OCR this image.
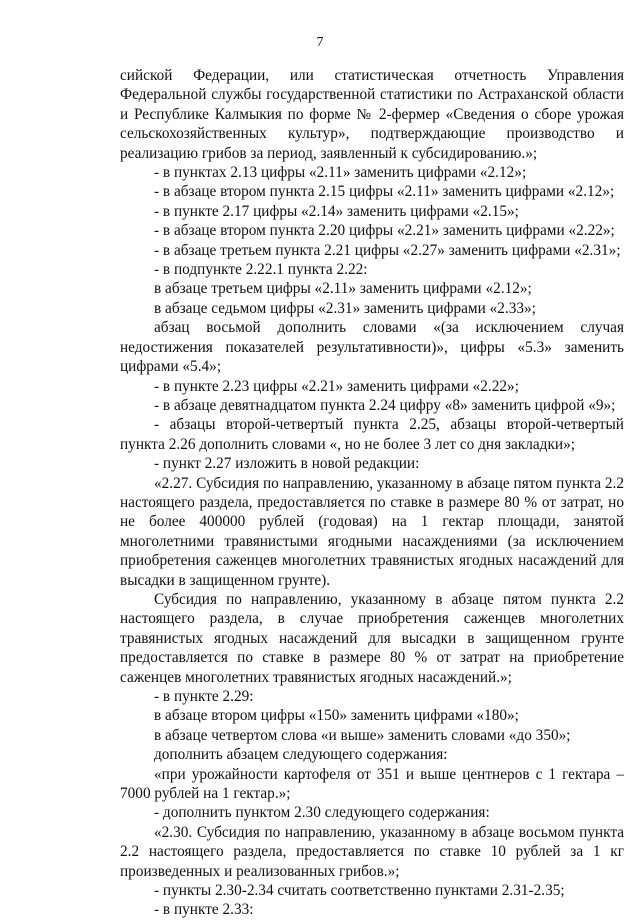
7

сийской Федерации, или статистическая отчетность Управления Федеральной службы государственной статистики по Астраханской области и Республике Калмыкия по форме № 2-фермер «Сведения о сборе урожая сельскохозяйственных культур», подтверждающие производство и реализацию грибов за период, заявленный к субсидированию.»;

- в пунктах 2.13 цифры «2.11» заменить цифрами «2.12»;

- в абзаце втором пункта 2.15 цифры «2.11» заменить цифрами «2.12»;

- в пункте 2.17 цифры «2.14» заменить цифрами «2.15»;

- в абзаце втором пункта 2.20 цифры «2.21» заменить цифрами «2.22»;

- в абзаце третьем пункта 2.21 цифры «2.27» заменить цифрами «2.31»;

- в подпункте 2.22.1 пункта 2.22:

в абзаце третьем цифры «2.11» заменить цифрами «2.12»;

в абзаце седьмом цифры «2.31» заменить цифрами «2.33»;

абзац восьмой дополнить словами «(за исключением случая недостижения показателей результативности)», цифры «5.3» заменить цифрами «5.4»;

- в пункте 2.23 цифры «2.21» заменить цифрами «2.22»;

- в абзаце девятнадцатом пункта 2.24 цифру «8» заменить цифрой «9»;

- абзацы второй-четвертый пункта 2.25, абзацы второй-четвертый пункта 2.26 дополнить словами «, но не более 3 лет со дня закладки»;

- пункт 2.27 изложить в новой редакции:

«2.27. Субсидия по направлению, указанному в абзаце пятом пункта 2.2 настоящего раздела, предоставляется по ставке в размере 80 % от затрат, но не более 400000 рублей (годовая) на 1 гектар площади, занятой многолетними травянистыми ягодными насаждениями (за исключением приобретения саженцев многолетних травянистых ягодных насаждений для высадки в защищенном грунте).

Субсидия по направлению, указанному в абзаце пятом пункта 2.2 настоящего раздела, в случае приобретения саженцев многолетних травянистых ягодных насаждений для высадки в защищенном грунте предоставляется по ставке в размере 80 % от затрат на приобретение саженцев многолетних травянистых ягодных насаждений.»;

- в пункте 2.29:

в абзаце втором цифры «150» заменить цифрами «180»;

в абзаце четвертом слова «и выше» заменить словами «до 350»;

дополнить абзацем следующего содержания:

«при урожайности картофеля от 351 и выше центнеров с 1 гектара – 7000 рублей на 1 гектар.»;

- дополнить пунктом 2.30 следующего содержания:

«2.30. Субсидия по направлению, указанному в абзаце восьмом пункта 2.2 настоящего раздела, предоставляется по ставке 10 рублей за 1 кг произведенных и реализованных грибов.»;

- пункты 2.30-2.34 считать соответственно пунктами 2.31-2.35;

- в пункте 2.33:
